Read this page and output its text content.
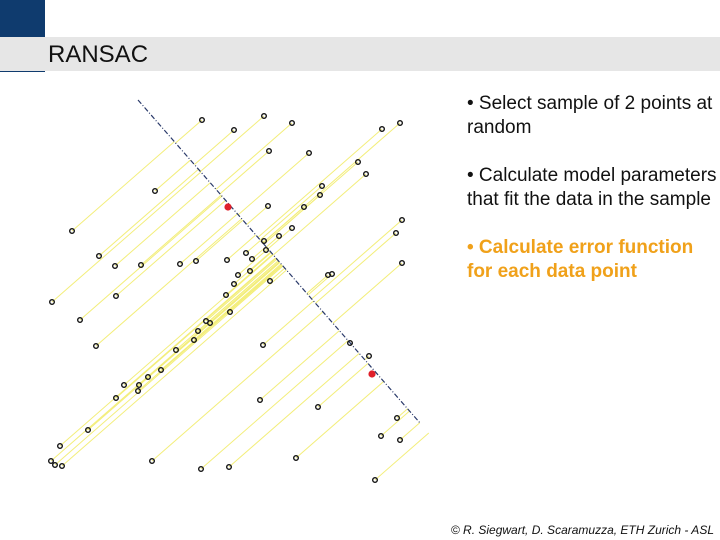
RANSAC
• Select sample of 2 points at random
• Calculate model parameters that fit the data in the sample
• Calculate error function for each data point
© R. Siegwart, D. Scaramuzza, ETH Zurich - ASL
